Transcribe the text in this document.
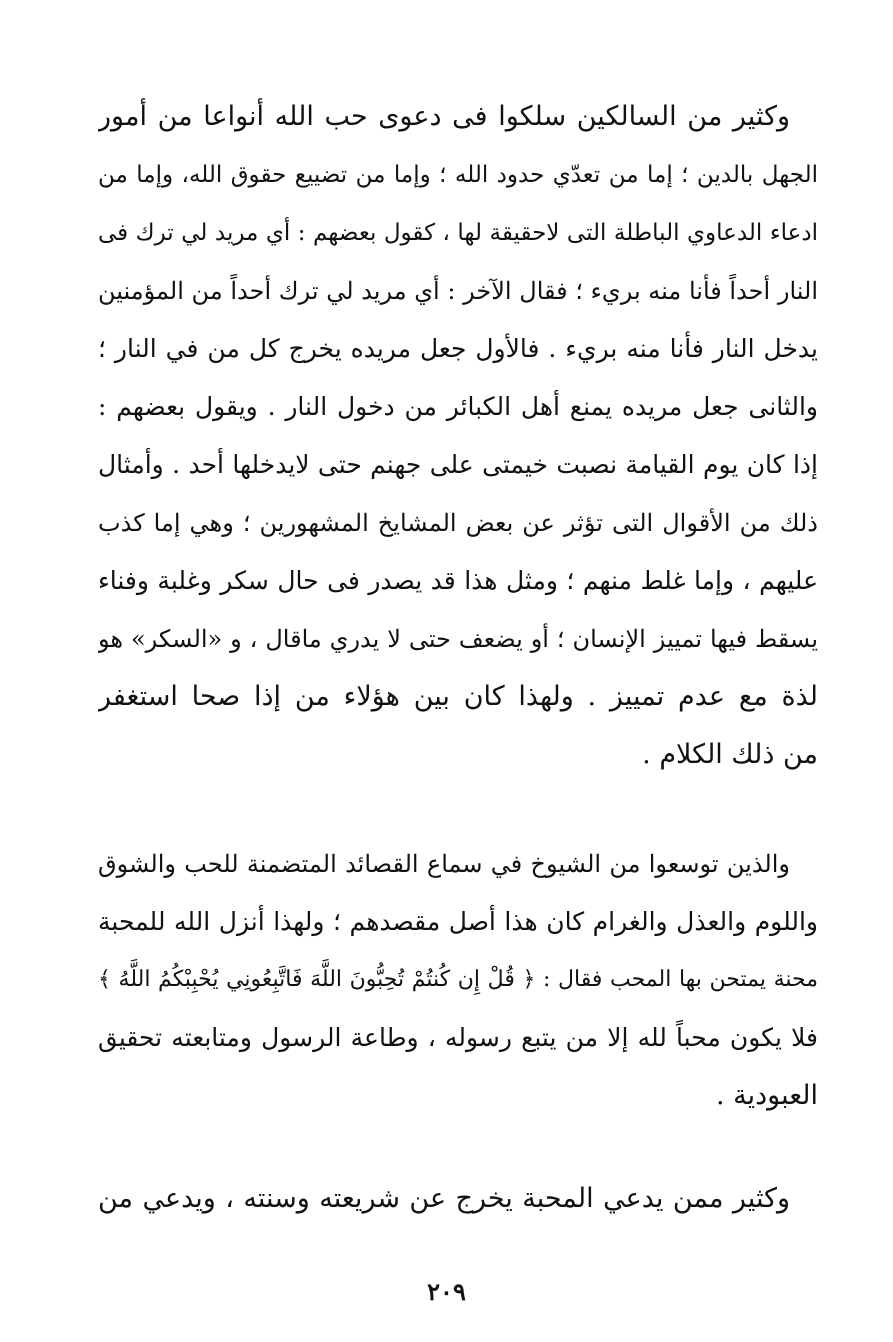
وكثير من السالكين سلكوا فى دعوى حب الله أنواعا من أمور
الجهل بالدين ؛ إما من تعدّي حدود الله ؛ وإما من تضييع حقوق الله، وإما من
ادعاء الدعاوي الباطلة التى لاحقيقة لها ، كقول بعضهم : أي مريد لي ترك فى
النار أحداً فأنا منه بريء ؛ فقال الآخر : أي مريد لي ترك أحداً من المؤمنين
يدخل النار فأنا منه بريء . فالأول جعل مريده يخرج كل من في النار ؛
والثانى جعل مريده يمنع أهل الكبائر من دخول النار . ويقول بعضهم :
إذا كان يوم القيامة نصبت خيمتى على جهنم حتى لايدخلها أحد . وأمثال
ذلك من الأقوال التى تؤثر عن بعض المشايخ المشهورين ؛ وهي إما كذب
عليهم ، وإما غلط منهم ؛ ومثل هذا قد يصدر فى حال سكر وغلبة وفناء
يسقط فيها تمييز الإنسان ؛ أو يضعف حتى لا يدري ماقال ، و «السكر» هو
لذة مع عدم تمييز . ولهذا كان بين هؤلاء من إذا صحا استغفر
من ذلك الكلام .
والذين توسعوا من الشيوخ في سماع القصائد المتضمنة للحب والشوق
واللوم والعذل والغرام كان هذا أصل مقصدهم ؛ ولهذا أنزل الله للمحبة
محنة يمتحن بها المحب فقال : ﴿ قُلْ إِن كُنتُمْ تُحِبُّونَ اللَّهَ فَاتَّبِعُونِي يُحْبِبْكُمُ اللَّهُ ﴾
فلا يكون محباً لله إلا من يتبع رسوله ، وطاعة الرسول ومتابعته تحقيق
العبودية .
وكثير ممن يدعي المحبة يخرج عن شريعته وسنته ، ويدعي من
٢٠٩
